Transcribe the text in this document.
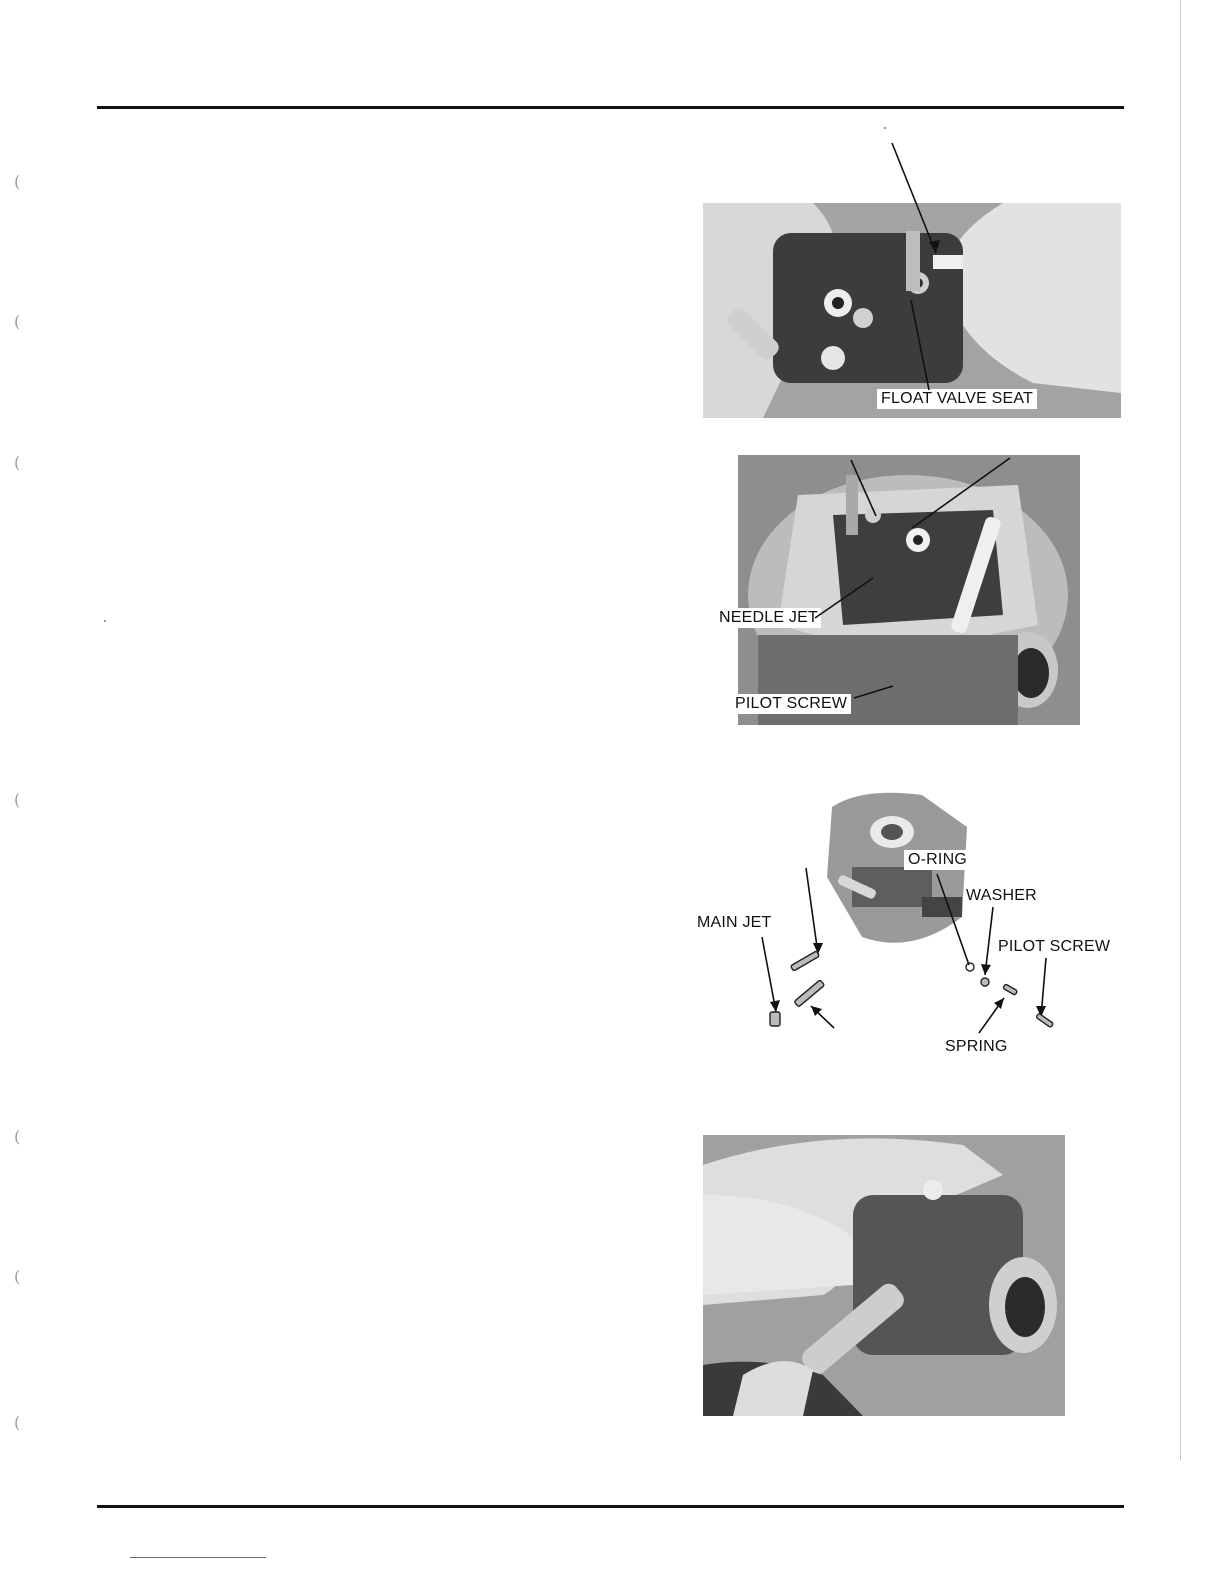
(
(
(
(
(
(
(
FLOAT VALVE SEAT
NEEDLE JET
PILOT SCREW
O-RING
WASHER
MAIN JET
PILOT SCREW
SPRING
